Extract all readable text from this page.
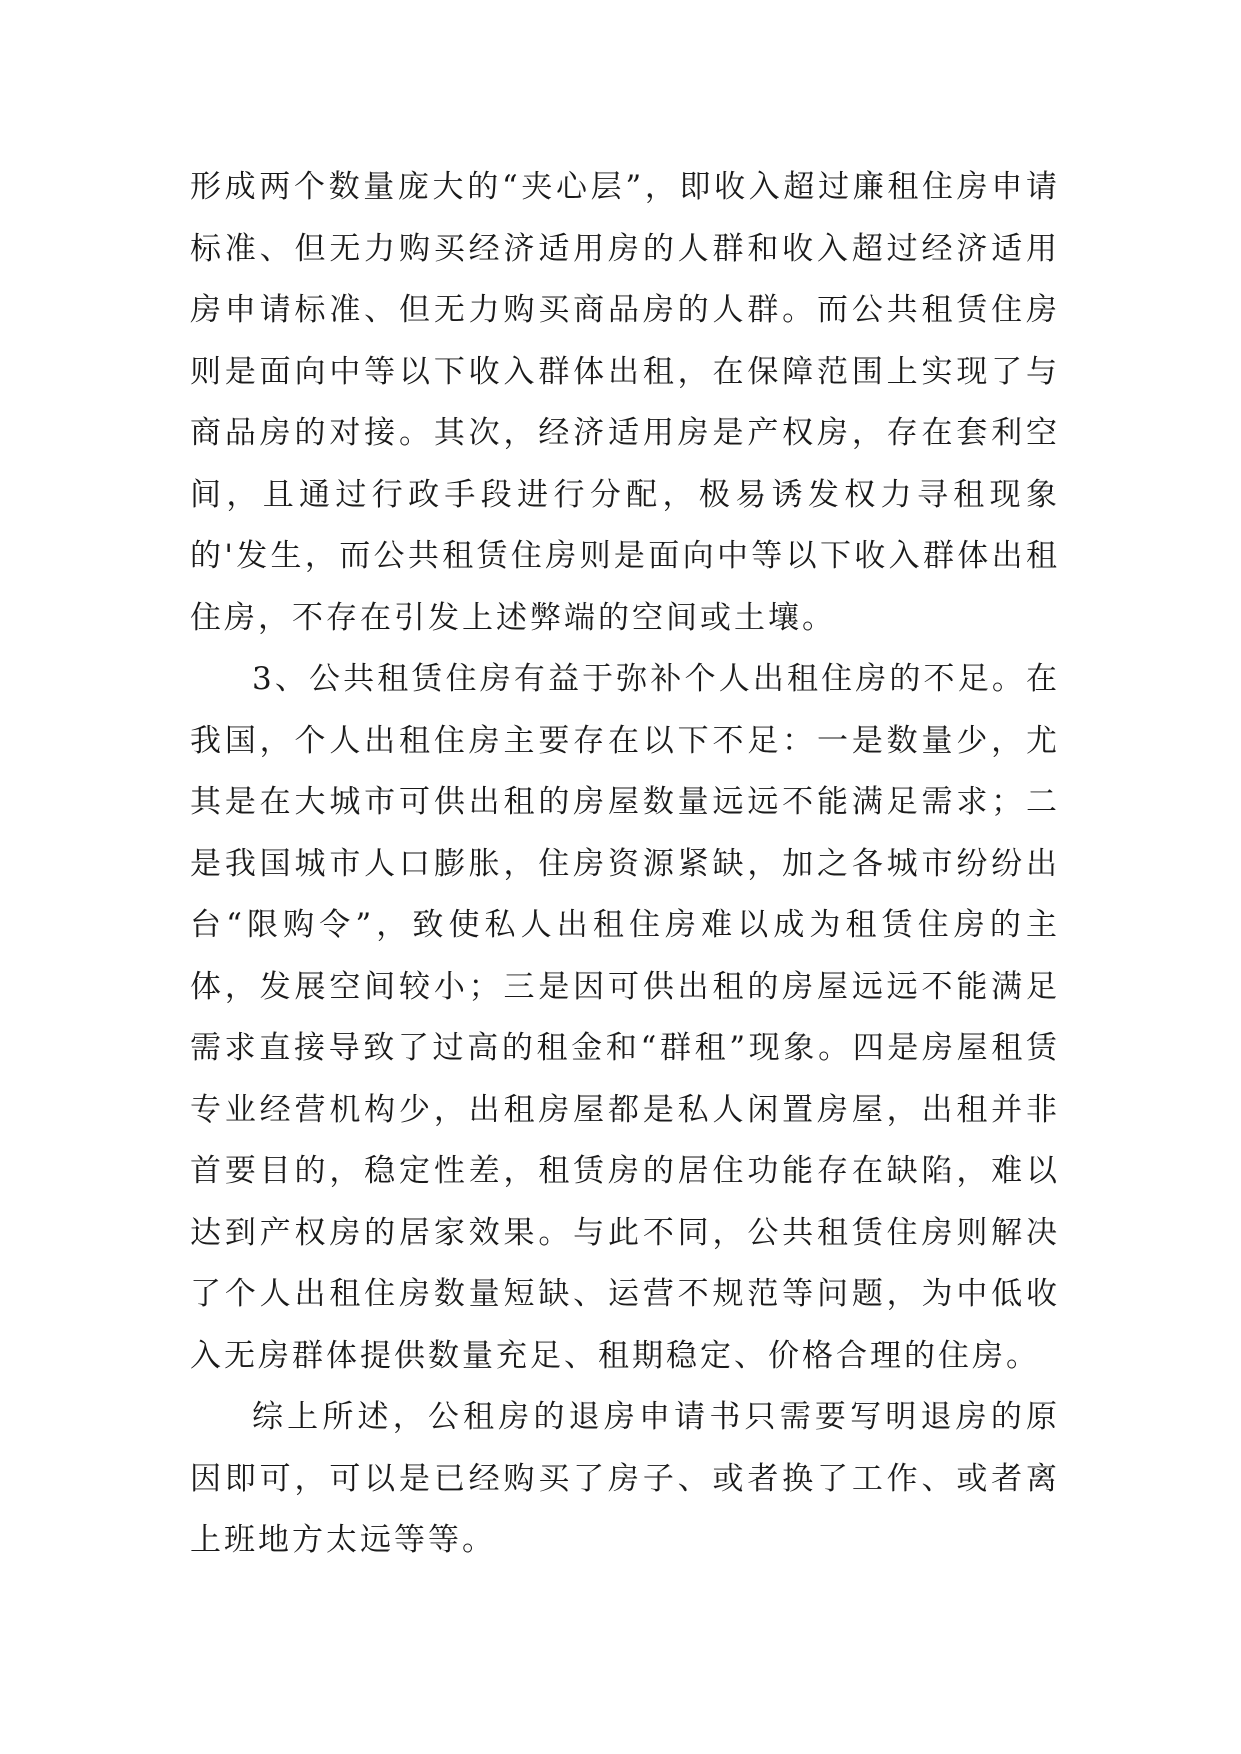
形成两个数量庞大的“夹心层”，即收入超过廉租住房申请标准、但无力购买经济适用房的人群和收入超过经济适用房申请标准、但无力购买商品房的人群。而公共租赁住房则是面向中等以下收入群体出租，在保障范围上实现了与商品房的对接。其次，经济适用房是产权房，存在套利空间，且通过行政手段进行分配，极易诱发权力寻租现象的'发生，而公共租赁住房则是面向中等以下收入群体出租住房，不存在引发上述弊端的空间或土壤。

3、公共租赁住房有益于弥补个人出租住房的不足。在我国，个人出租住房主要存在以下不足：一是数量少，尤其是在大城市可供出租的房屋数量远远不能满足需求；二是我国城市人口膨胀，住房资源紧缺，加之各城市纷纷出台“限购令”，致使私人出租住房难以成为租赁住房的主体，发展空间较小；三是因可供出租的房屋远远不能满足需求直接导致了过高的租金和“群租”现象。四是房屋租赁专业经营机构少，出租房屋都是私人闲置房屋，出租并非首要目的，稳定性差，租赁房的居住功能存在缺陷，难以达到产权房的居家效果。与此不同，公共租赁住房则解决了个人出租住房数量短缺、运营不规范等问题，为中低收入无房群体提供数量充足、租期稳定、价格合理的住房。

综上所述，公租房的退房申请书只需要写明退房的原因即可，可以是已经购买了房子、或者换了工作、或者离上班地方太远等等。
